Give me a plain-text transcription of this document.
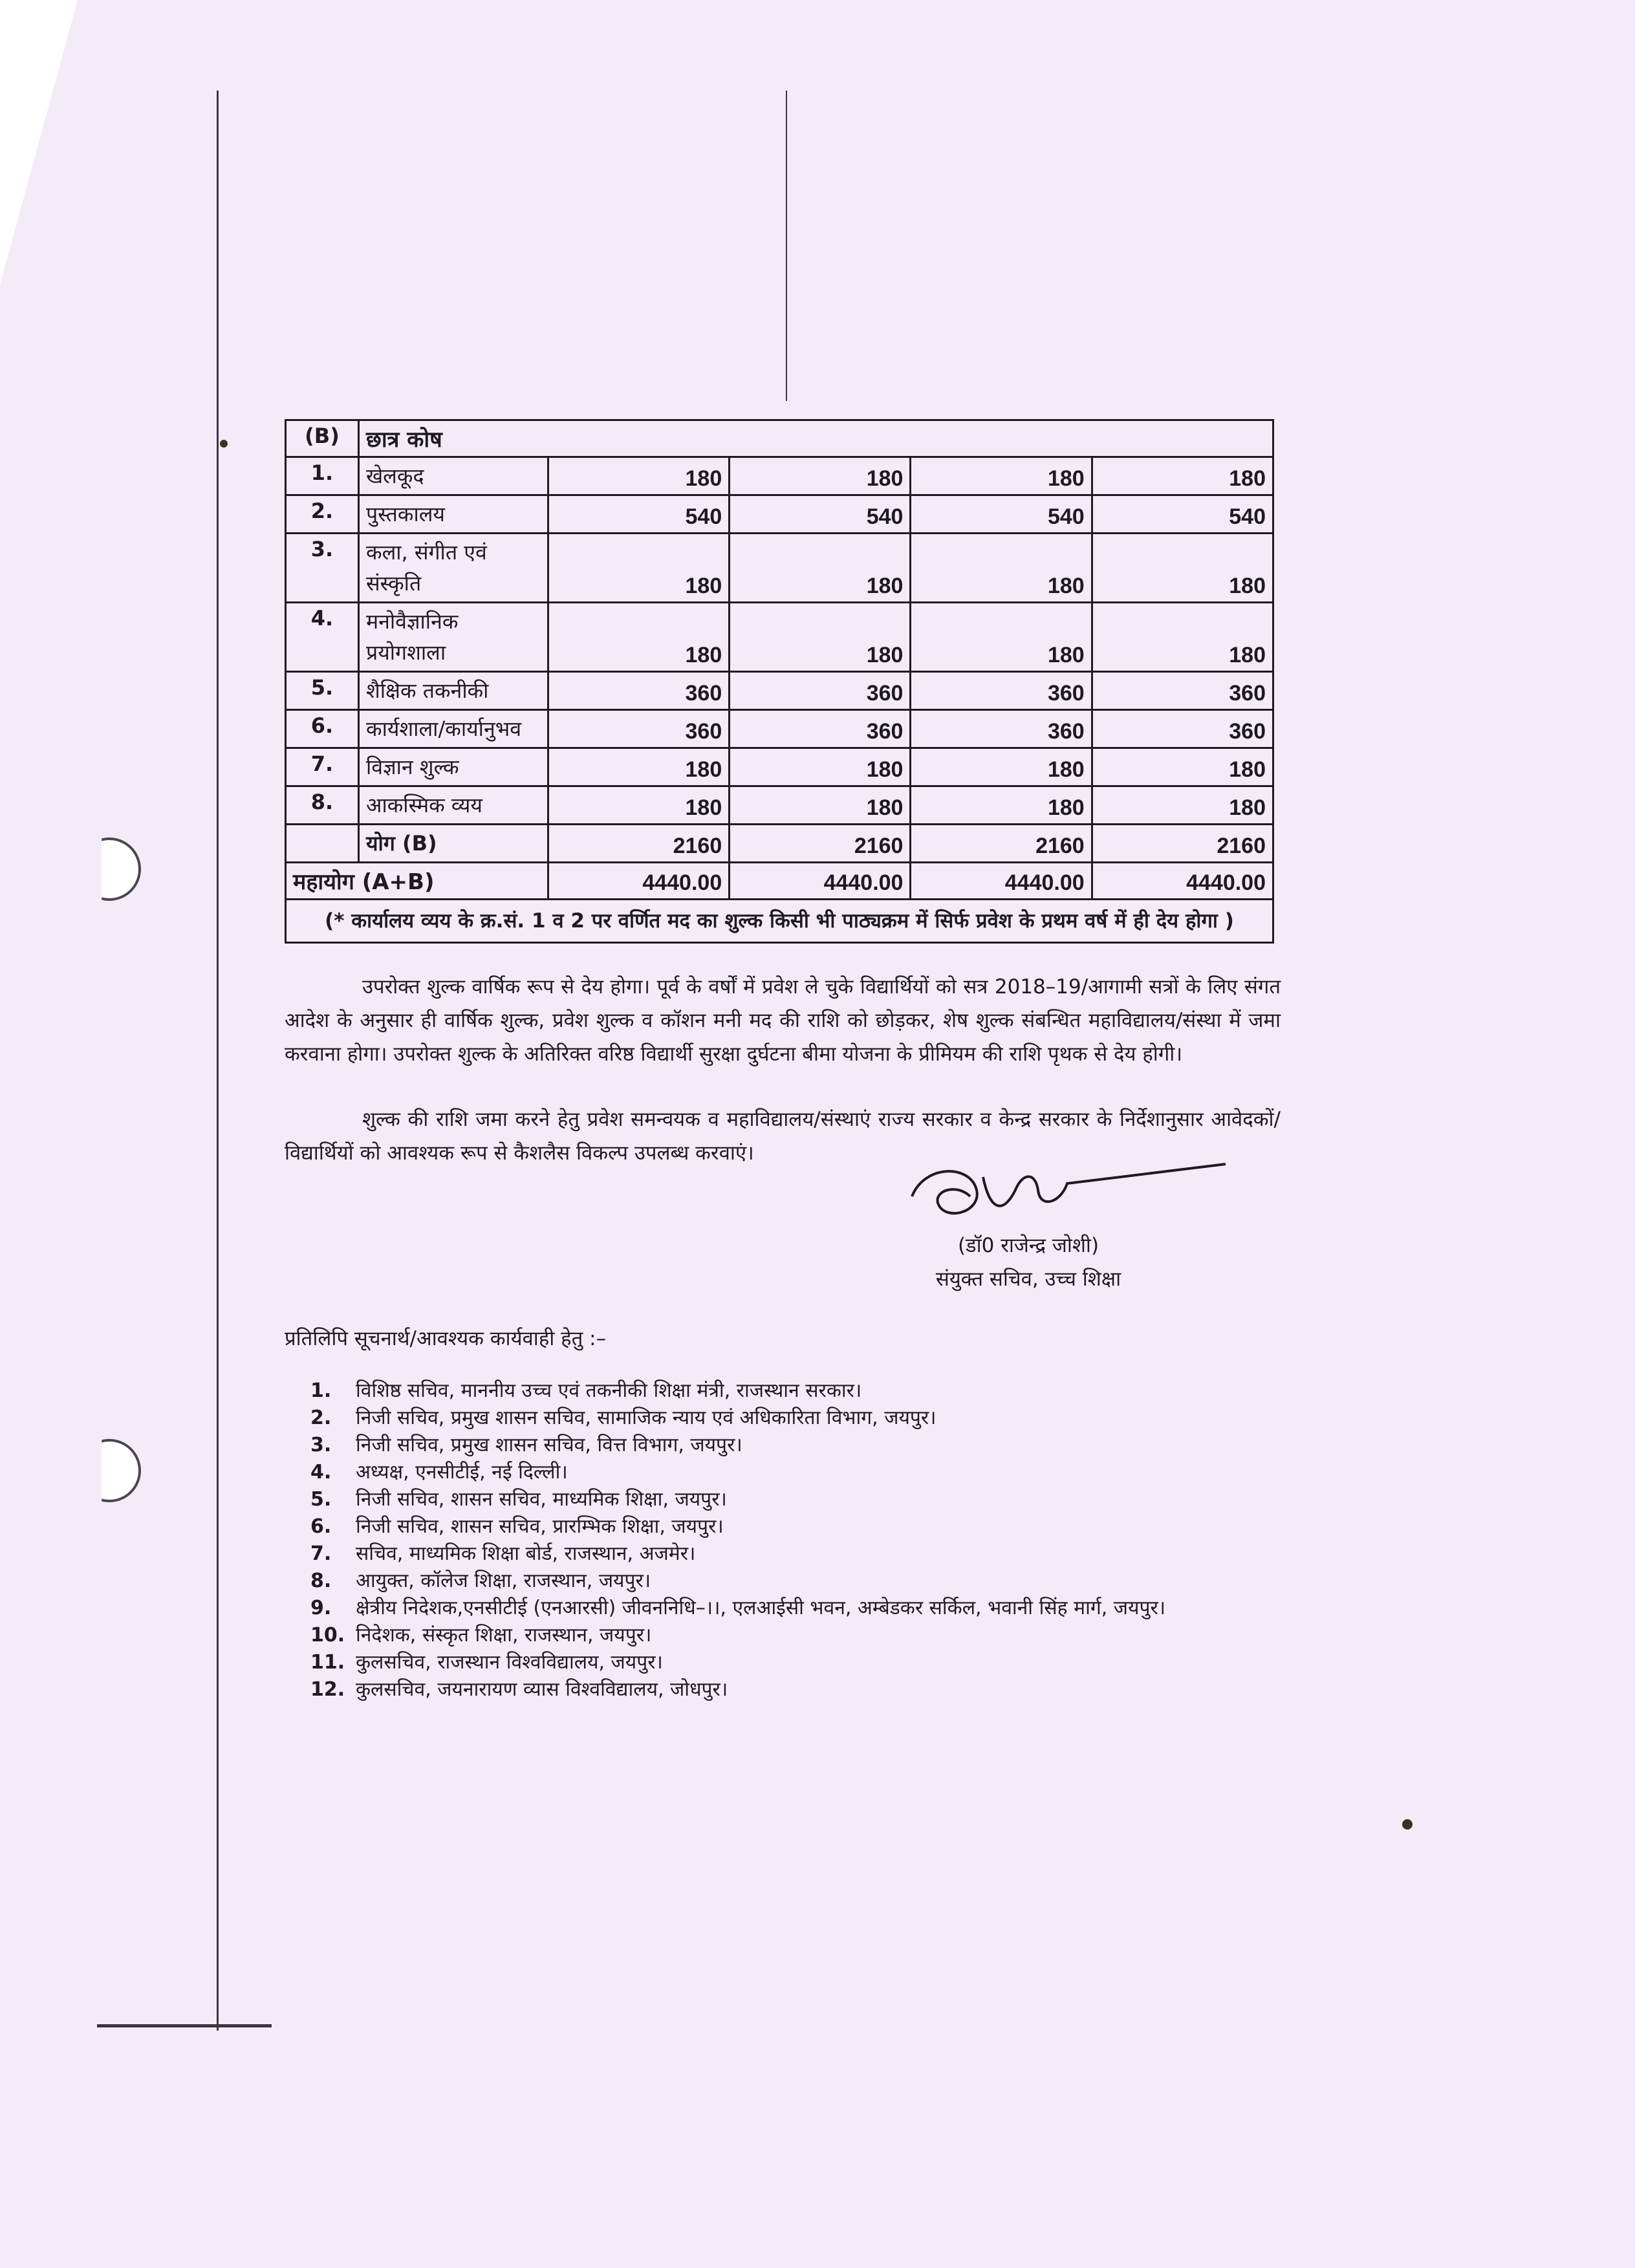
(B)	छात्र कोष				
1.	खेलकूद	180	180	180	180
2.	पुस्तकालय	540	540	540	540
3.	कला, संगीत एवं संस्कृति	180	180	180	180
4.	मनोवैज्ञानिक प्रयोगशाला	180	180	180	180
5.	शैक्षिक तकनीकी	360	360	360	360
6.	कार्यशाला/कार्यानुभव	360	360	360	360
7.	विज्ञान शुल्क	180	180	180	180
8.	आकस्मिक व्यय	180	180	180	180
	योग (B)	2160	2160	2160	2160
महायोग (A+B)		4440.00	4440.00	4440.00	4440.00
(* कार्यालय व्यय के क्र.सं. 1 व 2 पर वर्णित मद का शुल्क किसी भी पाठ्यक्रम में सिर्फ प्रवेश के प्रथम वर्ष में ही देय होगा )					
उपरोक्त शुल्क वार्षिक रूप से देय होगा। पूर्व के वर्षों में प्रवेश ले चुके विद्यार्थियों को सत्र 2018–19/आगामी सत्रों के लिए संगत आदेश के अनुसार ही वार्षिक शुल्क, प्रवेश शुल्क व कॉशन मनी मद की राशि को छोड़कर, शेष शुल्क संबन्धित महाविद्यालय/संस्था में जमा करवाना होगा। उपरोक्त शुल्क के अतिरिक्त वरिष्ठ विद्यार्थी सुरक्षा दुर्घटना बीमा योजना के प्रीमियम की राशि पृथक से देय होगी।
शुल्क की राशि जमा करने हेतु प्रवेश समन्वयक व महाविद्यालय/संस्थाएं राज्य सरकार व केन्द्र सरकार के निर्देशानुसार आवेदकों/विद्यार्थियों को आवश्यक रूप से कैशलैस विकल्प उपलब्ध करवाएं।
(डॉ0 राजेन्द्र जोशी)
संयुक्त सचिव, उच्च शिक्षा
प्रतिलिपि सूचनार्थ/आवश्यक कार्यवाही हेतु :–
1.	विशिष्ठ सचिव, माननीय उच्च एवं तकनीकी शिक्षा मंत्री, राजस्थान सरकार।
2.	निजी सचिव, प्रमुख शासन सचिव, सामाजिक न्याय एवं अधिकारिता विभाग, जयपुर।
3.	निजी सचिव, प्रमुख शासन सचिव, वित्त विभाग, जयपुर।
4.	अध्यक्ष, एनसीटीई, नई दिल्ली।
5.	निजी सचिव, शासन सचिव, माध्यमिक शिक्षा, जयपुर।
6.	निजी सचिव, शासन सचिव, प्रारम्भिक शिक्षा, जयपुर।
7.	सचिव, माध्यमिक शिक्षा बोर्ड, राजस्थान, अजमेर।
8.	आयुक्त, कॉलेज शिक्षा, राजस्थान, जयपुर।
9.	क्षेत्रीय निदेशक,एनसीटीई (एनआरसी) जीवननिधि–।।, एलआईसी भवन, अम्बेडकर सर्किल, भवानी सिंह मार्ग, जयपुर।
10. निदेशक, संस्कृत शिक्षा, राजस्थान, जयपुर।
11. कुलसचिव, राजस्थान विश्वविद्यालय, जयपुर।
12. कुलसचिव, जयनारायण व्यास विश्वविद्यालय, जोधपुर।
